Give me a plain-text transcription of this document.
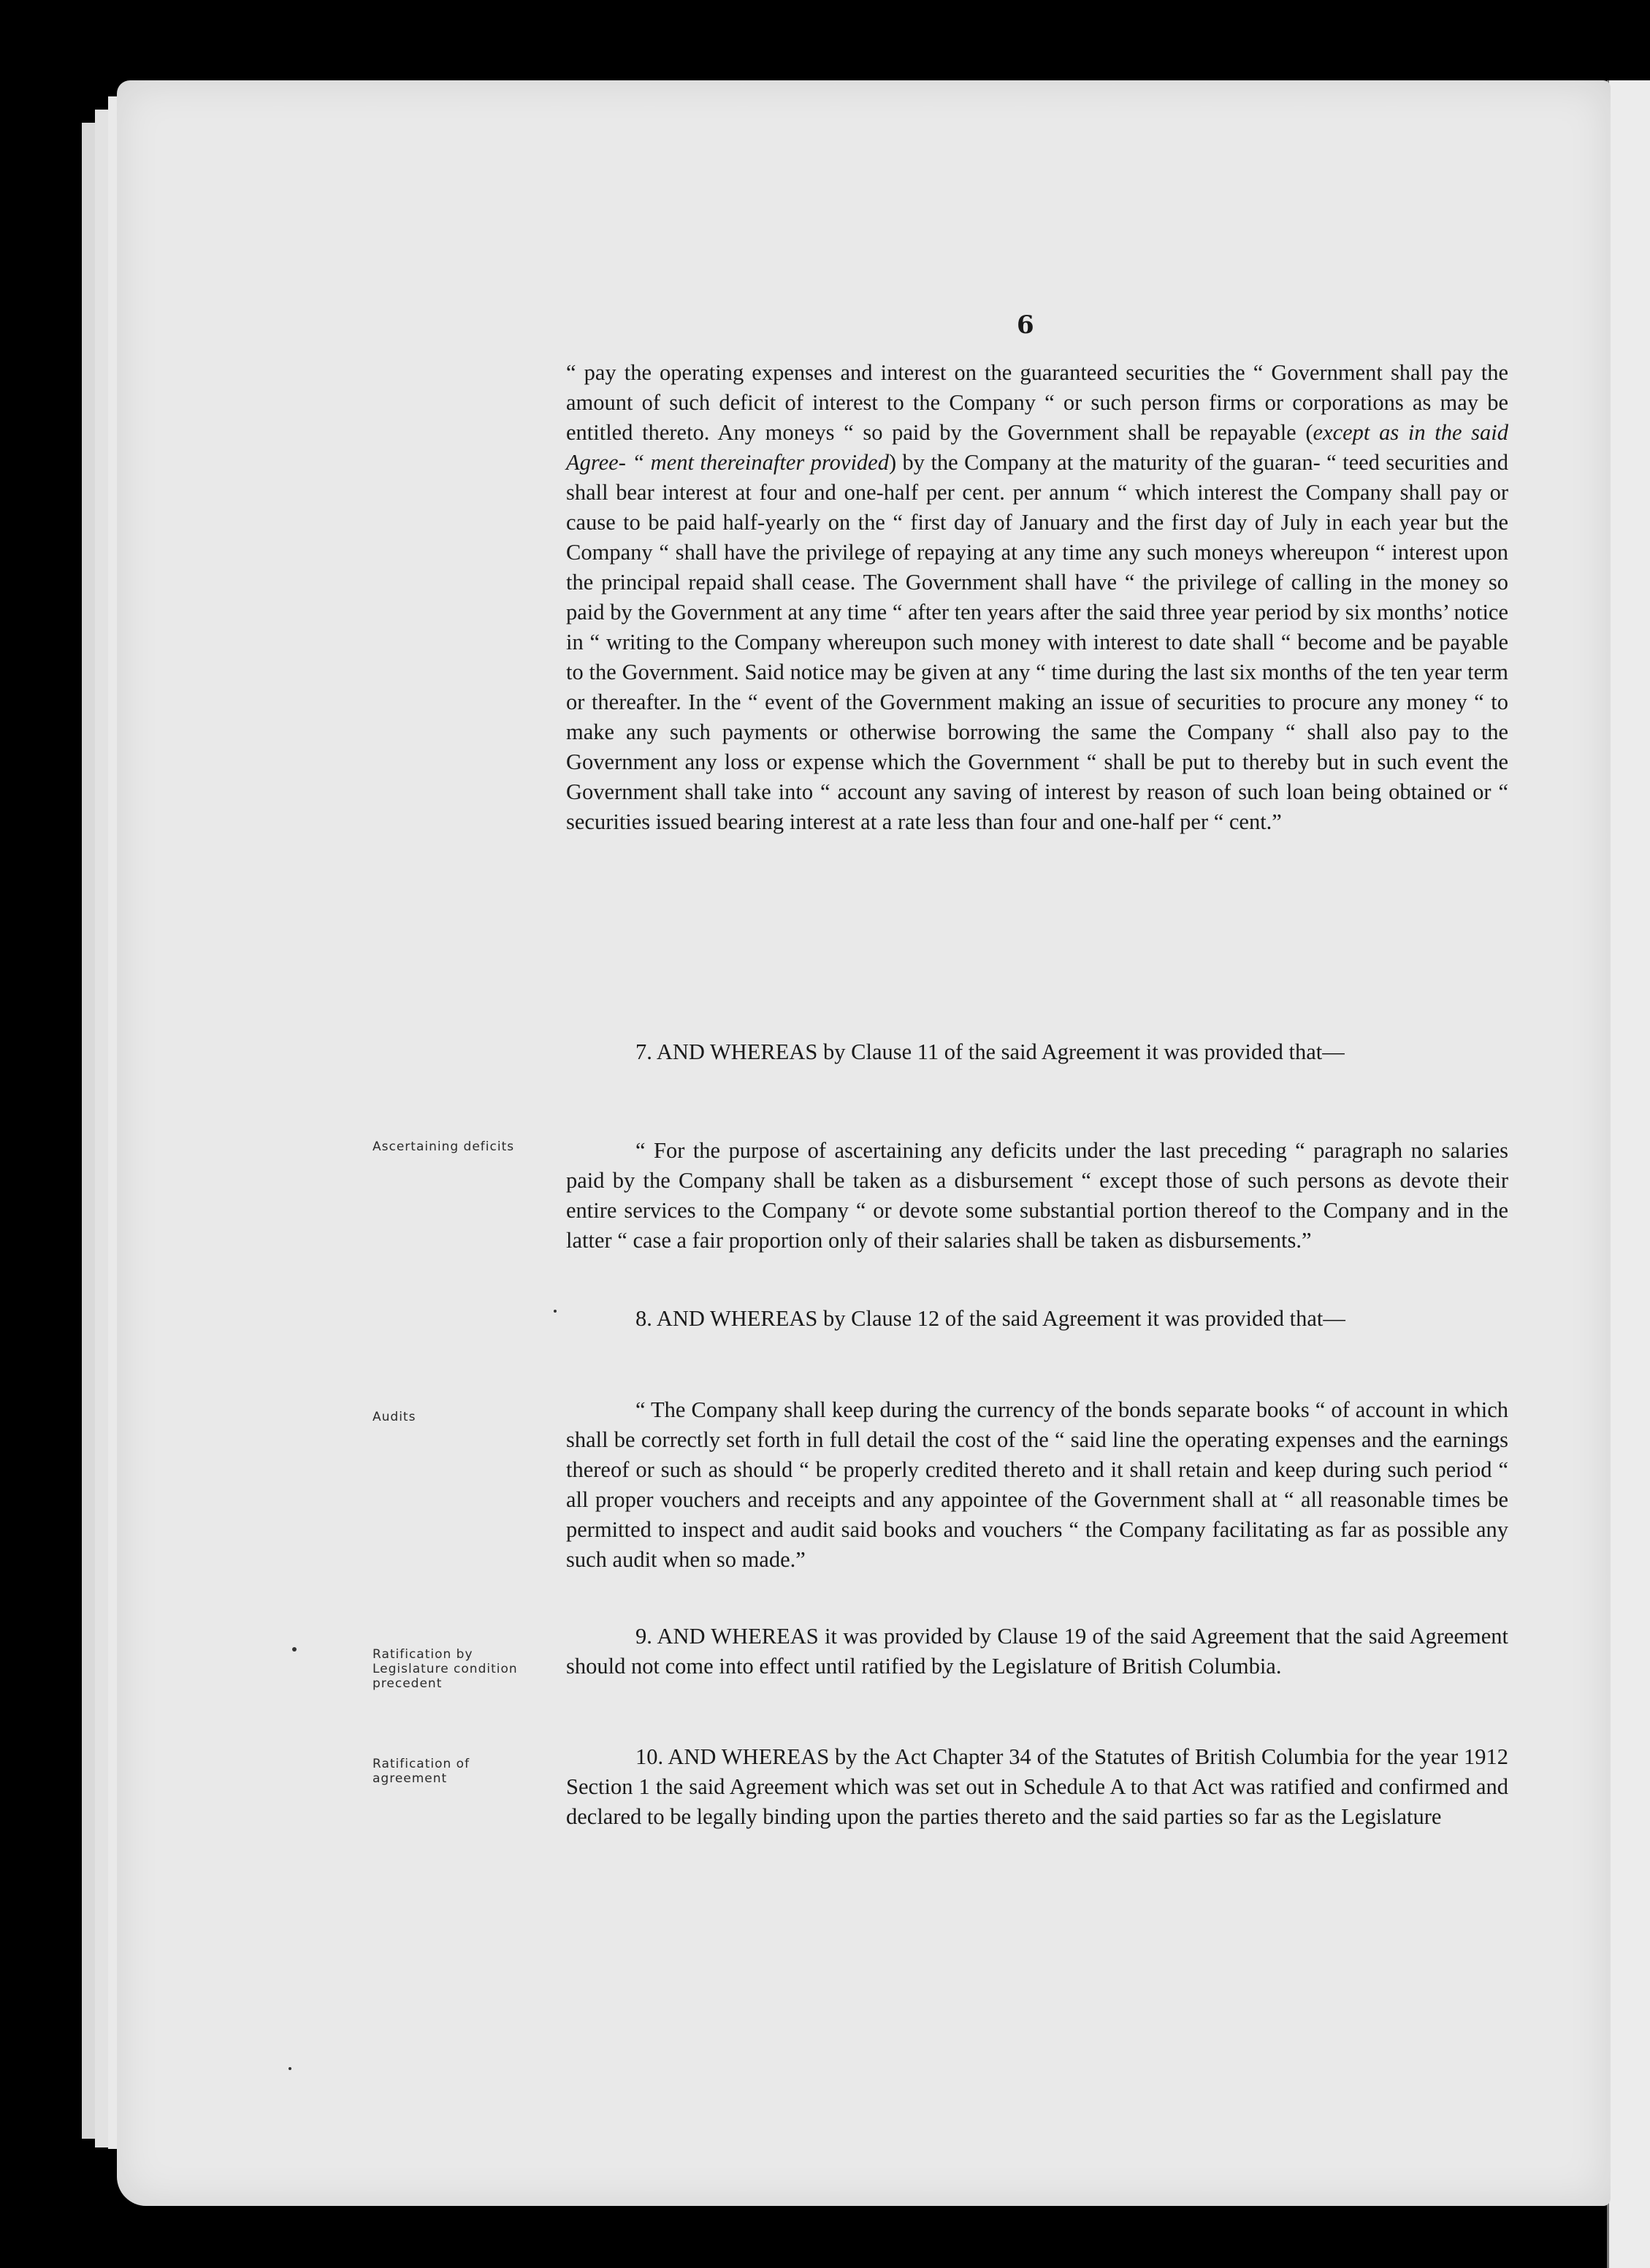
6

“ pay the operating expenses and interest on the guaranteed securities the “ Government shall pay the amount of such deficit of interest to the Company “ or such person firms or corporations as may be entitled thereto. Any moneys “ so paid by the Government shall be repayable (except as in the said Agree- “ ment thereinafter provided) by the Company at the maturity of the guaran- “ teed securities and shall bear interest at four and one-half per cent. per annum “ which interest the Company shall pay or cause to be paid half-yearly on the “ first day of January and the first day of July in each year but the Company “ shall have the privilege of repaying at any time any such moneys whereupon “ interest upon the principal repaid shall cease. The Government shall have “ the privilege of calling in the money so paid by the Government at any time “ after ten years after the said three year period by six months’ notice in “ writing to the Company whereupon such money with interest to date shall “ become and be payable to the Government. Said notice may be given at any “ time during the last six months of the ten year term or thereafter. In the “ event of the Government making an issue of securities to procure any money “ to make any such payments or otherwise borrowing the same the Company “ shall also pay to the Government any loss or expense which the Government “ shall be put to thereby but in such event the Government shall take into “ account any saving of interest by reason of such loan being obtained or “ securities issued bearing interest at a rate less than four and one-half per “ cent.”

7. AND WHEREAS by Clause 11 of the said Agreement it was provided that—

Ascertaining deficits	“ For the purpose of ascertaining any deficits under the last preceding “ paragraph no salaries paid by the Company shall be taken as a disbursement “ except those of such persons as devote their entire services to the Company “ or devote some substantial portion thereof to the Company and in the latter “ case a fair proportion only of their salaries shall be taken as disbursements.”

8. AND WHEREAS by Clause 12 of the said Agreement it was provided that—

Audits	“ The Company shall keep during the currency of the bonds separate books “ of account in which shall be correctly set forth in full detail the cost of the “ said line the operating expenses and the earnings thereof or such as should “ be properly credited thereto and it shall retain and keep during such period “ all proper vouchers and receipts and any appointee of the Government shall at “ all reasonable times be permitted to inspect and audit said books and vouchers “ the Company facilitating as far as possible any such audit when so made.”

Ratification by Legislature condition precedent

9. AND WHEREAS it was provided by Clause 19 of the said Agreement that the said Agreement should not come into effect until ratified by the Legislature of British Columbia.

Ratification of agreement

10. AND WHEREAS by the Act Chapter 34 of the Statutes of British Columbia for the year 1912 Section 1 the said Agreement which was set out in Schedule A to that Act was ratified and confirmed and declared to be legally binding upon the parties thereto and the said parties so far as the Legislature
